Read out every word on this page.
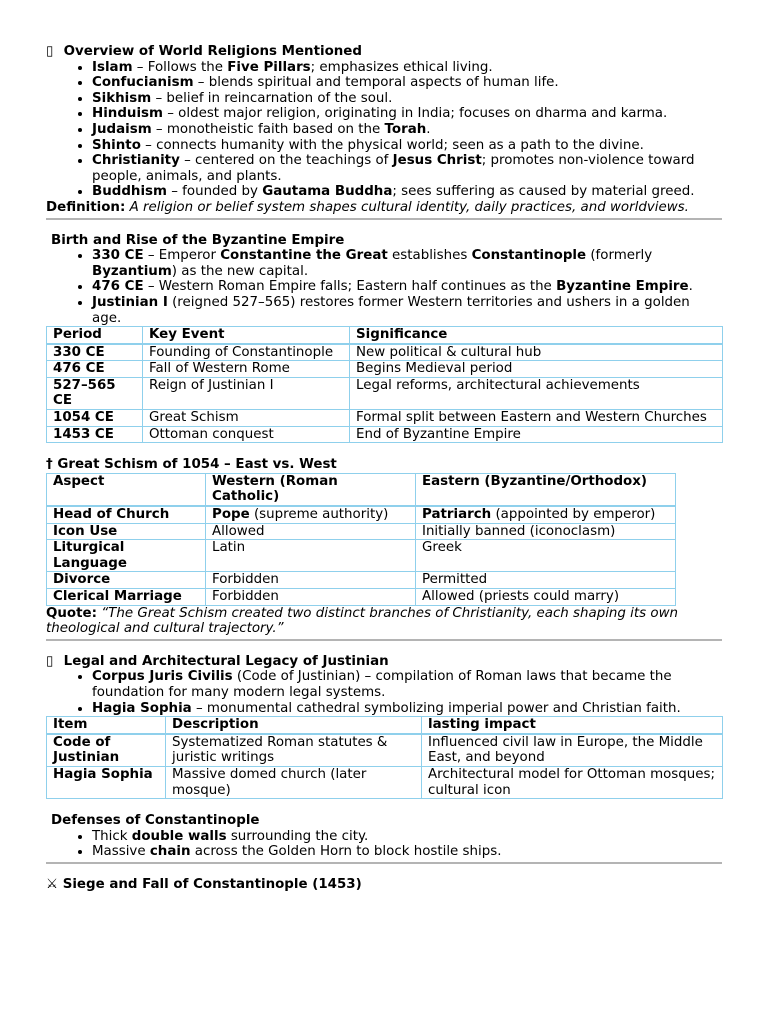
▯ Overview of World Religions Mentioned

• Islam – Follows the Five Pillars; emphasizes ethical living.
• Confucianism – blends spiritual and temporal aspects of human life.
• Sikhism – belief in reincarnation of the soul.
• Hinduism – oldest major religion, originating in India; focuses on dharma and karma.
• Judaism – monotheistic faith based on the Torah.
• Shinto – connects humanity with the physical world; seen as a path to the divine.
• Christianity – centered on the teachings of Jesus Christ; promotes non-violence toward people, animals, and plants.
• Buddhism – founded by Gautama Buddha; sees suffering as caused by material greed.

Definition: A religion or belief system shapes cultural identity, daily practices, and worldviews.

Birth and Rise of the Byzantine Empire

• 330 CE – Emperor Constantine the Great establishes Constantinople (formerly Byzantium) as the new capital.
• 476 CE – Western Roman Empire falls; Eastern half continues as the Byzantine Empire.
• Justinian I (reigned 527–565) restores former Western territories and ushers in a golden age.
Period	Key Event	Significance
330 CE	Founding of Constantinople	New political & cultural hub
476 CE	Fall of Western Rome	Begins Medieval period
527–565 CE	Reign of Justinian I	Legal reforms, architectural achievements
1054 CE	Great Schism	Formal split between Eastern and Western Churches
1453 CE	Ottoman conquest	End of Byzantine Empire

† Great Schism of 1054 – East vs. West

Aspect	Western (Roman Catholic)	Eastern (Byzantine/Orthodox)
Head of Church	Pope (supreme authority)	Patriarch (appointed by emperor)
Icon Use	Allowed	Initially banned (iconoclasm)
Liturgical Language	Latin	Greek
Divorce	Forbidden	Permitted
Clerical Marriage	Forbidden	Allowed (priests could marry)

Quote: “The Great Schism created two distinct branches of Christianity, each shaping its own theological and cultural trajectory.”

▯ Legal and Architectural Legacy of Justinian

• Corpus Juris Civilis (Code of Justinian) – compilation of Roman laws that became the foundation for many modern legal systems.
• Hagia Sophia – monumental cathedral symbolizing imperial power and Christian faith.
Item	Description	lasting impact
Code of Justinian	Systematized Roman statutes & juristic writings	Influenced civil law in Europe, the Middle East, and beyond
Hagia Sophia	Massive domed church (later mosque)	Architectural model for Ottoman mosques; cultural icon

Defenses of Constantinople

• Thick double walls surrounding the city.
• Massive chain across the Golden Horn to block hostile ships.

⚔ Siege and Fall of Constantinople (1453)
